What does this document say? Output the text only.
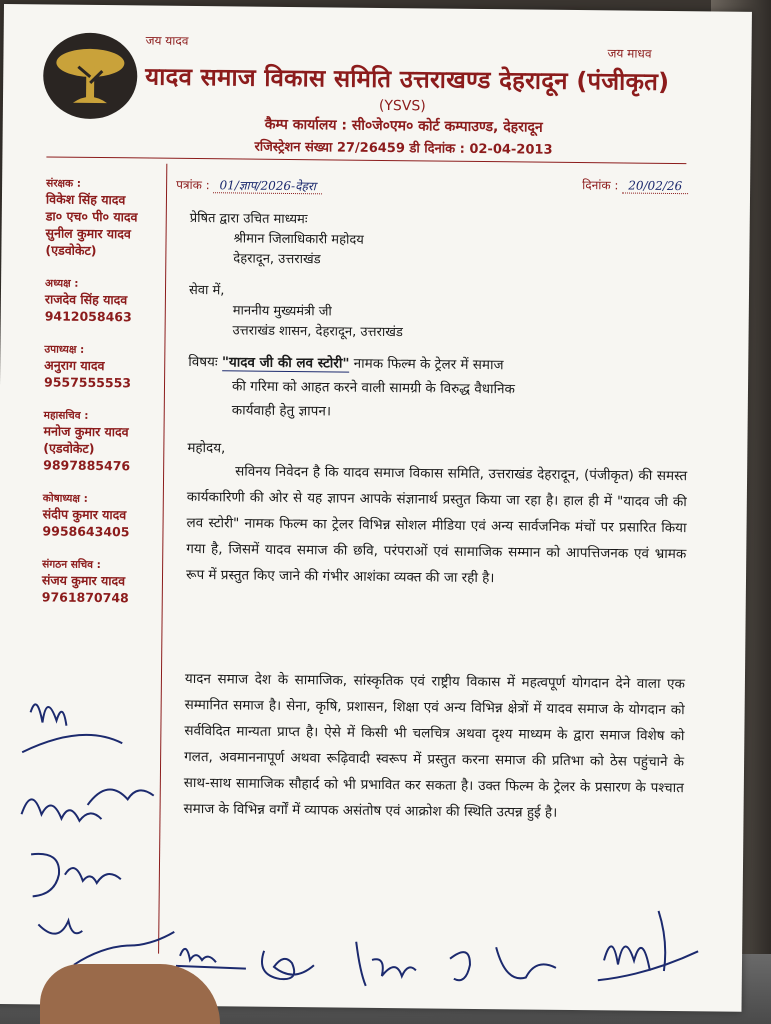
जय यादव
जय माधव
यादव समाज विकास समिति उत्तराखण्ड देहरादून (पंजीकृत)
(YSVS)
कैम्प कार्यालय : सी०जे०एम० कोर्ट कम्पाउण्ड, देहरादून
रजिस्ट्रेशन संख्या 27/26459 डी दिनांक : 02-04-2013
संरक्षक :
विकेश सिंह यादव
डा० एच० पी० यादव
सुनील कुमार यादव
(एडवोकेट)
अध्यक्ष :
राजदेव सिंह यादव
9412058463
उपाध्यक्ष :
अनुराग यादव
9557555553
महासचिव :
मनोज कुमार यादव
(एडवोकेट)
9897885476
कोषाध्यक्ष :
संदीप कुमार यादव
9958643405
संगठन सचिव :
संजय कुमार यादव
9761870748
पत्रांक : 01/ज्ञाप/2026-देहरा	दिनांक : 20/02/26
प्रेषित द्वारा उचित माध्यमः
श्रीमान जिलाधिकारी महोदय
देहरादून, उत्तराखंड
सेवा में,
माननीय मुख्यमंत्री जी
उत्तराखंड शासन, देहरादून, उत्तराखंड
विषयः "यादव जी की लव स्टोरी" नामक फिल्म के ट्रेलर में समाज
की गरिमा को आहत करने वाली सामग्री के विरुद्ध वैधानिक
कार्यवाही हेतु ज्ञापन।
महोदय,
सविनय निवेदन है कि यादव समाज विकास समिति, उत्तराखंड देहरादून, (पंजीकृत) की समस्त कार्यकारिणी की ओर से यह ज्ञापन आपके संज्ञानार्थ प्रस्तुत किया जा रहा है। हाल ही में "यादव जी की लव स्टोरी" नामक फिल्म का ट्रेलर विभिन्न सोशल मीडिया एवं अन्य सार्वजनिक मंचों पर प्रसारित किया गया है, जिसमें यादव समाज की छवि, परंपराओं एवं सामाजिक सम्मान को आपत्तिजनक एवं भ्रामक रूप में प्रस्तुत किए जाने की गंभीर आशंका व्यक्त की जा रही है।
यादन समाज देश के सामाजिक, सांस्कृतिक एवं राष्ट्रीय विकास में महत्वपूर्ण योगदान देने वाला एक सम्मानित समाज है। सेना, कृषि, प्रशासन, शिक्षा एवं अन्य विभिन्न क्षेत्रों में यादव समाज के योगदान को सर्वविदित मान्यता प्राप्त है। ऐसे में किसी भी चलचित्र अथवा दृश्य माध्यम के द्वारा समाज विशेष को गलत, अवमाननापूर्ण अथवा रूढ़िवादी स्वरूप में प्रस्तुत करना समाज की प्रतिभा को ठेस पहुंचाने के साथ-साथ सामाजिक सौहार्द को भी प्रभावित कर सकता है। उक्त फिल्म के ट्रेलर के प्रसारण के पश्चात समाज के विभिन्न वर्गों में व्यापक असंतोष एवं आक्रोश की स्थिति उत्पन्न हुई है।
